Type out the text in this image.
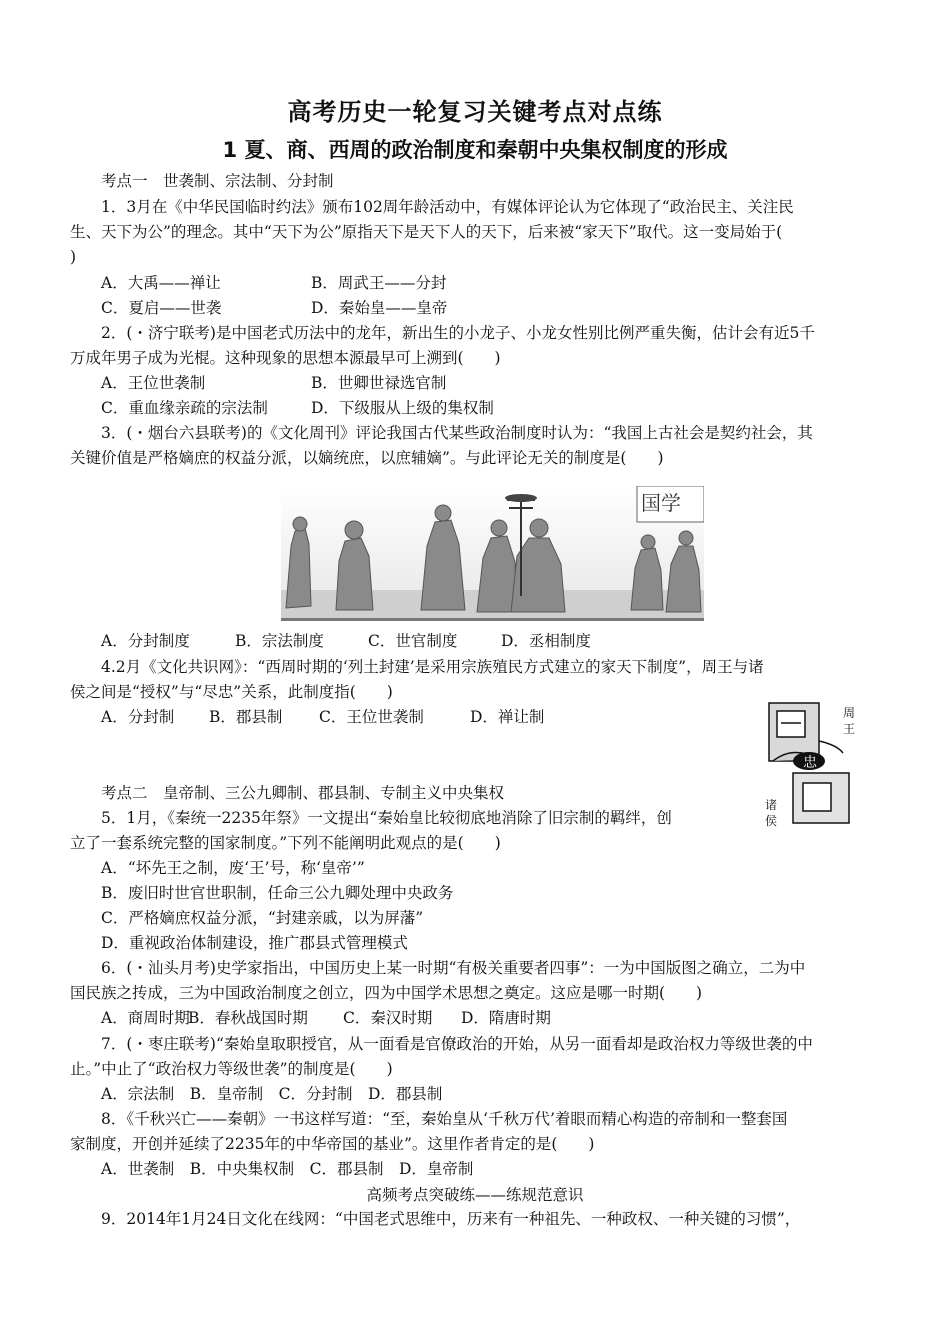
高考历史一轮复习关键考点对点练
1 夏、商、西周的政治制度和秦朝中央集权制度的形成
考点一　世袭制、宗法制、分封制
1．3月在《中华民国临时约法》颁布102周年龄活动中，有媒体评论认为它体现了“政治民主、关注民
生、天下为公”的理念。其中“天下为公”原指天下是天下人的天下，后来被“家天下”取代。这一变局始于(
)
A．大禹——禅让	B．周武王——分封
C．夏启——世袭	D．秦始皇——皇帝
2．(・济宁联考)是中国老式历法中的龙年，新出生的小龙子、小龙女性别比例严重失衡，估计会有近5千
万成年男子成为光棍。这种现象的思想本源最早可上溯到(　　)
A．王位世袭制	B．世卿世禄选官制
C．重血缘亲疏的宗法制	D．下级服从上级的集权制
3．(・烟台六县联考)的《文化周刊》评论我国古代某些政治制度时认为：“我国上古社会是契约社会，其
关键价值是严格嫡庶的权益分派，以嫡统庶，以庶辅嫡”。与此评论无关的制度是(　　)
国学
A．分封制度	B．宗法制度	C．世官制度	D．丞相制度
4.2月《文化共识网》：“西周时期的‘列土封建’是采用宗族殖民方式建立的家天下制度”，周王与诸
侯之间是“授权”与“尽忠”关系，此制度指(　　)
A．分封制 B．郡县制 C．王位世袭制	D．禅让制
忠
周王
诸侯
考点二　皇帝制、三公九卿制、郡县制、专制主义中央集权
5．1月，《秦统一2235年祭》一文提出“秦始皇比较彻底地消除了旧宗制的羁绊，创
立了一套系统完整的国家制度。”下列不能阐明此观点的是(　　)
A．“坏先王之制，废‘王’号，称‘皇帝’”
B．废旧时世官世职制，任命三公九卿处理中央政务
C．严格嫡庶权益分派，“封建亲戚，以为屏藩”
D．重视政治体制建设，推广郡县式管理模式
6．(・汕头月考)史学家指出，中国历史上某一时期“有极关重要者四事”：一为中国版图之确立，二为中
国民族之抟成，三为中国政治制度之创立，四为中国学术思想之奠定。这应是哪一时期(　　)
A．商周时期
B．春秋战国时期 C．秦汉时期 D．隋唐时期
7．(・枣庄联考)“秦始皇取职授官，从一面看是官僚政治的开始，从另一面看却是政治权力等级世袭的中
止。”中止了“政治权力等级世袭”的制度是(　　)
A．宗法制　B．皇帝制　C．分封制　D．郡县制
8．《千秋兴亡——秦朝》一书这样写道：“至，秦始皇从‘千秋万代’着眼而精心构造的帝制和一整套国
家制度，开创并延续了2235年的中华帝国的基业”。这里作者肯定的是(　　)
A．世袭制　B．中央集权制　C．郡县制　D．皇帝制
高频考点突破练——练规范意识
9．2014年1月24日文化在线网：“中国老式思维中，历来有一种祖先、一种政权、一种关键的习惯”，
